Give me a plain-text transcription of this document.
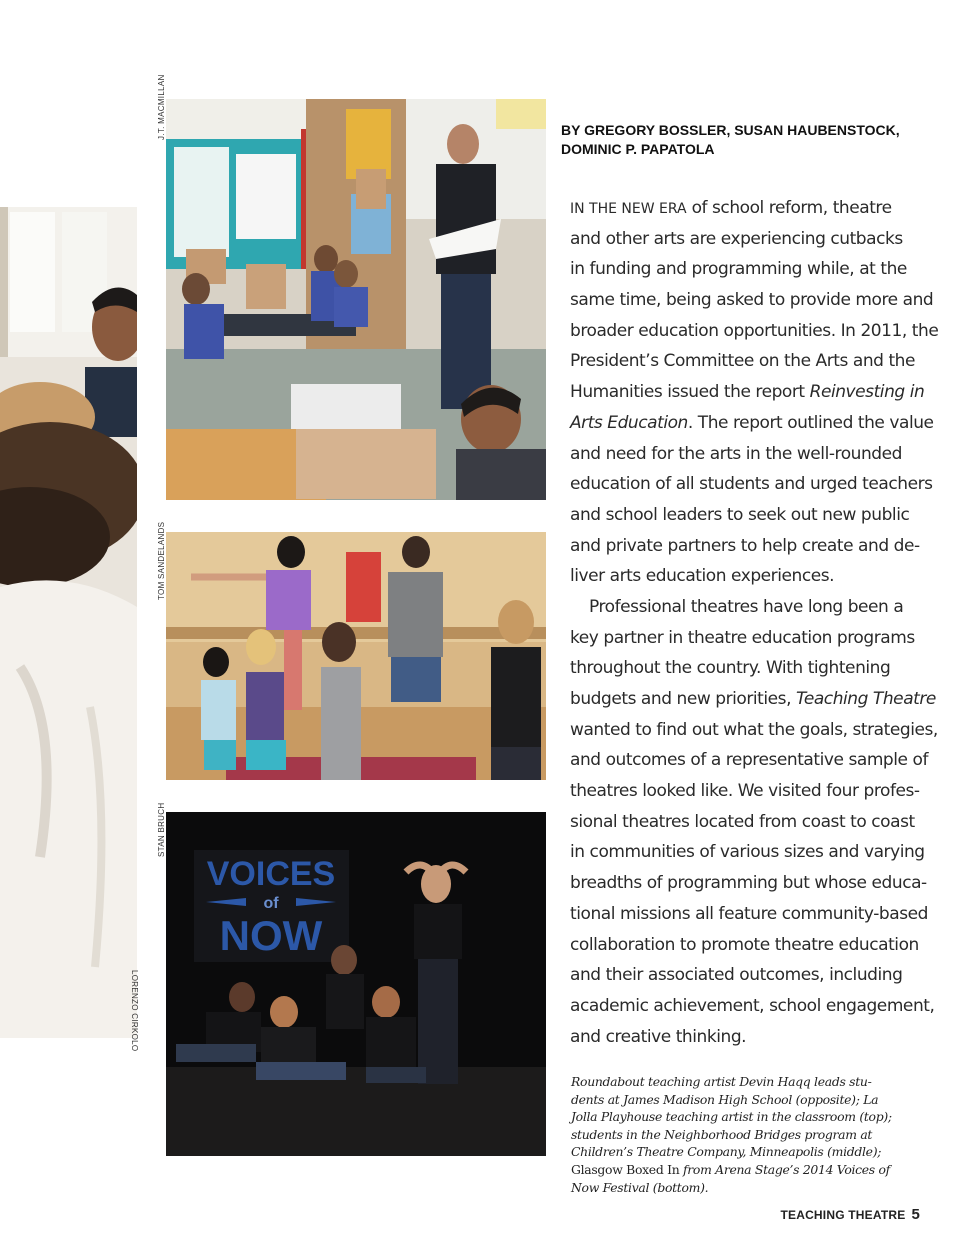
J.T. MACMILLAN
TOM SANDELANDS
VOICES
of
NOW
STAN BRUCH
LORENZO CIRKOLO
BY GREGORY BOSSLER, SUSAN HAUBENSTOCK,
DOMINIC P. PAPATOLA
IN THE NEW ERA of school reform, theatre
and other arts are experiencing cutbacks
in funding and programming while, at the
same time, being asked to provide more and
broader education opportunities. In 2011, the
President’s Committee on the Arts and the
Humanities issued the report Reinvesting in
Arts Education. The report outlined the value
and need for the arts in the well-rounded
education of all students and urged teachers
and school leaders to seek out new public
and private partners to help create and de-
liver arts education experiences.
Professional theatres have long been a
key partner in theatre education programs
throughout the country. With tightening
budgets and new priorities, Teaching Theatre
wanted to find out what the goals, strategies,
and outcomes of a representative sample of
theatres looked like. We visited four profes-
sional theatres located from coast to coast
in communities of various sizes and varying
breadths of programming but whose educa-
tional missions all feature community-based
collaboration to promote theatre education
and their associated outcomes, including
academic achievement, school engagement,
and creative thinking.
Roundabout teaching artist Devin Haqq leads stu-
dents at James Madison High School (opposite); La
Jolla Playhouse teaching artist in the classroom (top);
students in the Neighborhood Bridges program at
Children’s Theatre Company, Minneapolis (middle);
Glasgow Boxed In from Arena Stage’s 2014 Voices of
Now Festival (bottom).
TEACHING THEATRE 5
